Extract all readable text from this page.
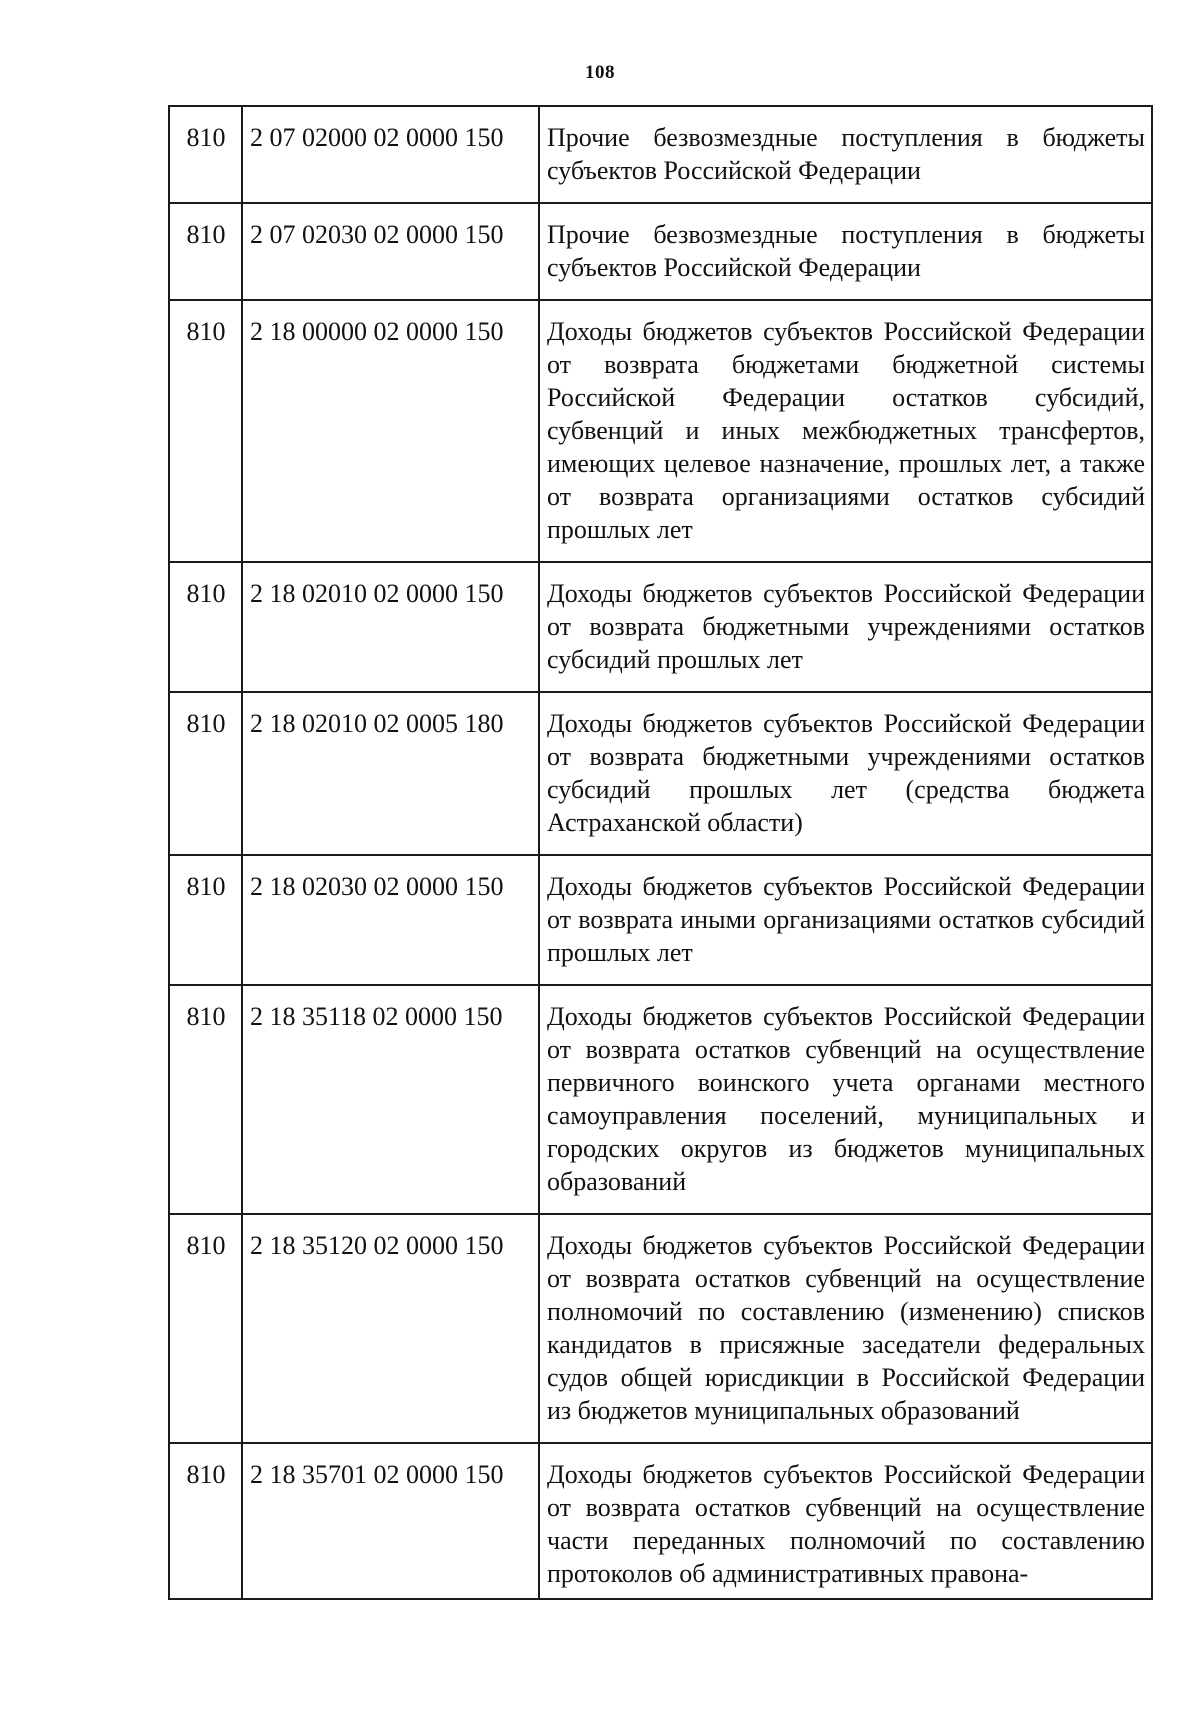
108
810	2 07 02000 02 0000 150	Прочие безвозмездные поступления в бюджеты субъектов Российской Федерации
810	2 07 02030 02 0000 150	Прочие безвозмездные поступления в бюджеты субъектов Российской Федерации
810	2 18 00000 02 0000 150	Доходы бюджетов субъектов Российской Федерации от возврата бюджетами бюджетной системы Российской Федерации остатков субсидий, субвенций и иных межбюджетных трансфертов, имеющих целевое назначение, прошлых лет, а также от возврата организациями остатков субсидий прошлых лет
810	2 18 02010 02 0000 150	Доходы бюджетов субъектов Российской Федерации от возврата бюджетными учреждениями остатков субсидий прошлых лет
810	2 18 02010 02 0005 180	Доходы бюджетов субъектов Российской Федерации от возврата бюджетными учреждениями остатков субсидий прошлых лет (средства бюджета Астраханской области)
810	2 18 02030 02 0000 150	Доходы бюджетов субъектов Российской Федерации от возврата иными организациями остатков субсидий прошлых лет
810	2 18 35118 02 0000 150	Доходы бюджетов субъектов Российской Федерации от возврата остатков субвенций на осуществление первичного воинского учета органами местного самоуправления поселений, муниципальных и городских округов из бюджетов муниципальных образований
810	2 18 35120 02 0000 150	Доходы бюджетов субъектов Российской Федерации от возврата остатков субвенций на осуществление полномочий по составлению (изменению) списков кандидатов в присяжные заседатели федеральных судов общей юрисдикции в Российской Федерации из бюджетов муниципальных образований
810	2 18 35701 02 0000 150	Доходы бюджетов субъектов Российской Федерации от возврата остатков субвенций на осуществление части переданных полномочий по составлению протоколов об административных правона-
